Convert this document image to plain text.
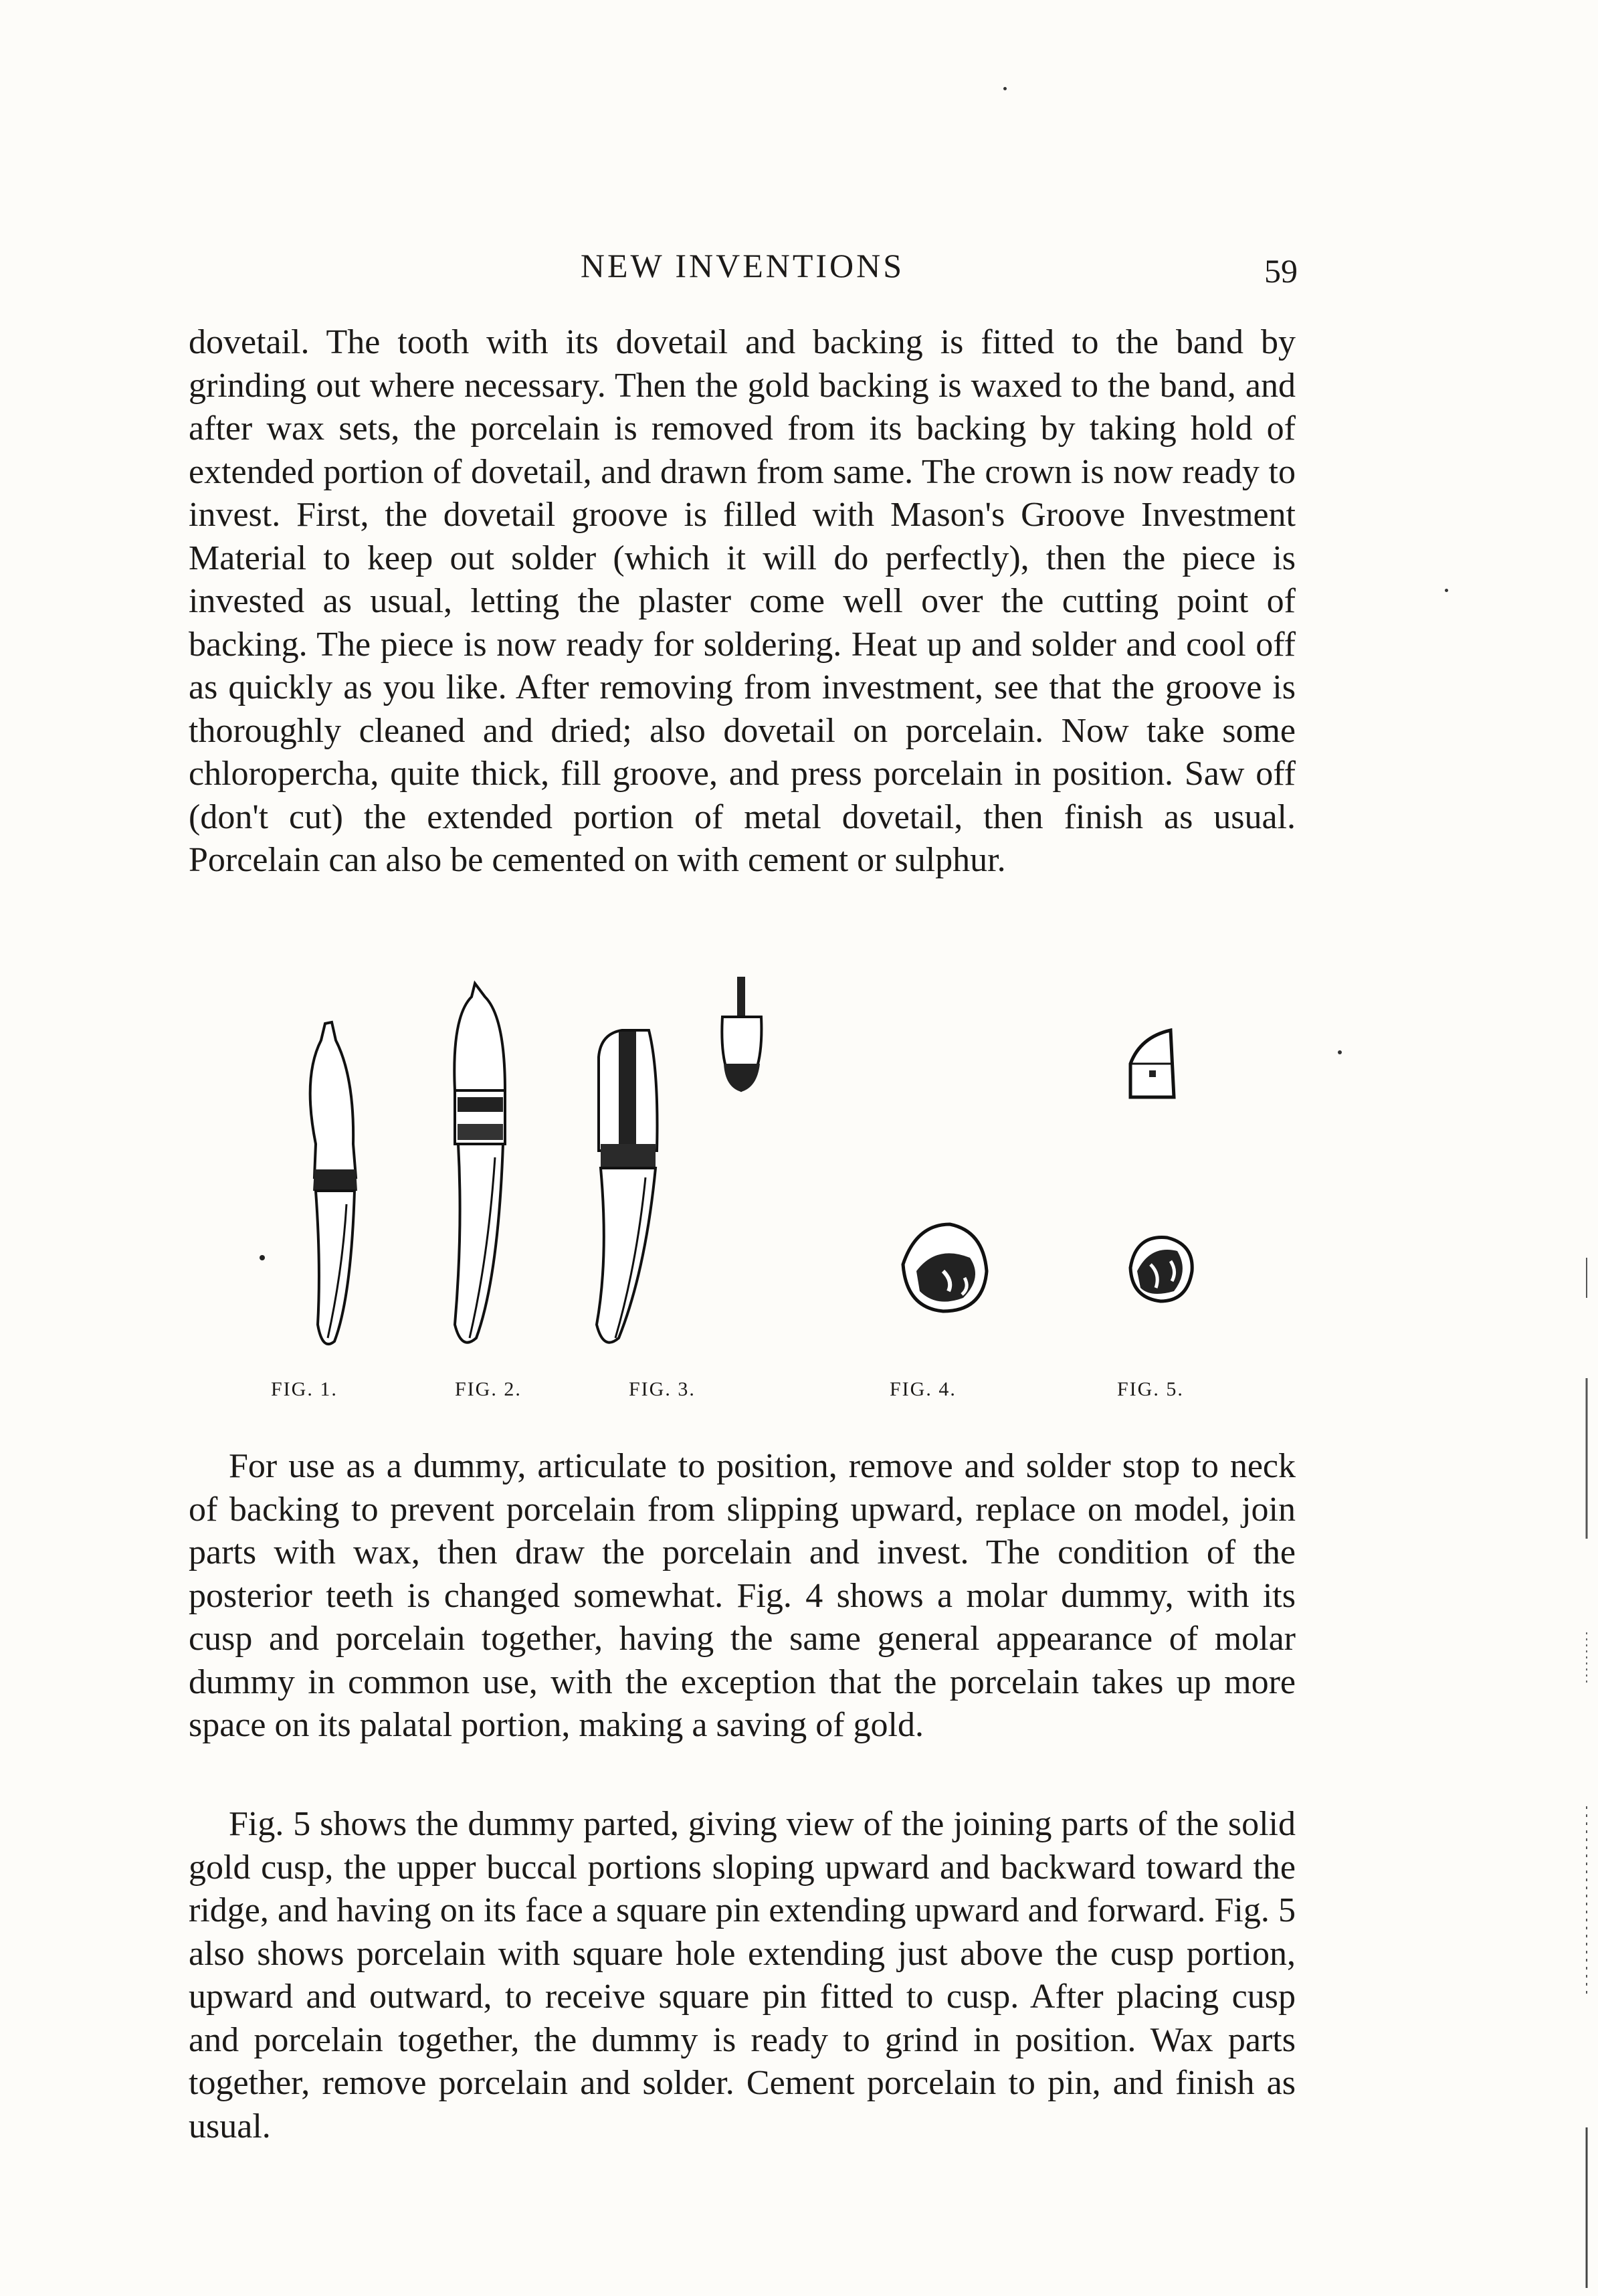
NEW INVENTIONS	59

dovetail. The tooth with its dovetail and backing is fitted to the band by grinding out where necessary. Then the gold backing is waxed to the band, and after wax sets, the porcelain is removed from its backing by taking hold of extended portion of dovetail, and drawn from same. The crown is now ready to invest. First, the dovetail groove is filled with Mason's Groove Investment Material to keep out solder (which it will do perfectly), then the piece is invested as usual, letting the plaster come well over the cutting point of backing. The piece is now ready for soldering. Heat up and solder and cool off as quickly as you like. After removing from investment, see that the groove is thoroughly cleaned and dried; also dovetail on porcelain. Now take some chloropercha, quite thick, fill groove, and press porcelain in position. Saw off (don't cut) the extended portion of metal dovetail, then finish as usual. Porcelain can also be cemented on with cement or sulphur.

FIG. 1.	FIG. 2.	FIG. 3.	FIG. 4.	FIG. 5.

For use as a dummy, articulate to position, remove and solder stop to neck of backing to prevent porcelain from slipping upward, replace on model, join parts with wax, then draw the porcelain and invest. The condition of the posterior teeth is changed somewhat. Fig. 4 shows a molar dummy, with its cusp and porcelain together, having the same general appearance of molar dummy in common use, with the exception that the porcelain takes up more space on its palatal portion, making a saving of gold.

Fig. 5 shows the dummy parted, giving view of the joining parts of the solid gold cusp, the upper buccal portions sloping upward and backward toward the ridge, and having on its face a square pin extending upward and forward. Fig. 5 also shows porcelain with square hole extending just above the cusp portion, upward and outward, to receive square pin fitted to cusp. After placing cusp and porcelain together, the dummy is ready to grind in position. Wax parts together, remove porcelain and solder. Cement porcelain to pin, and finish as usual.
